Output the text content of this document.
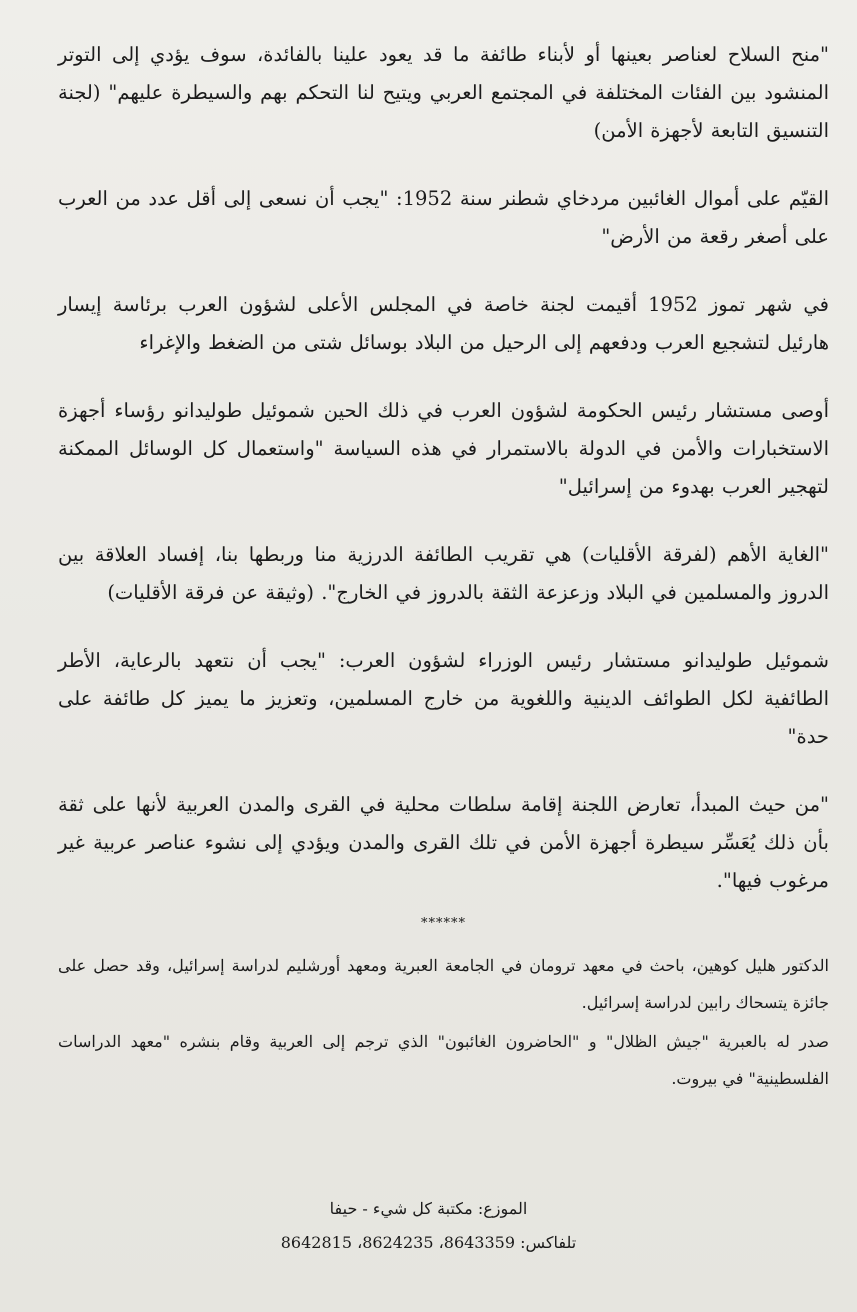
"منح السلاح لعناصر بعينها أو لأبناء طائفة ما قد يعود علينا بالفائدة، سوف يؤدي إلى التوتر المنشود بين الفئات المختلفة في المجتمع العربي ويتيح لنا التحكم بهم والسيطرة عليهم" (لجنة التنسيق التابعة لأجهزة الأمن)

القيّم على أموال الغائبين مردخاي شطنر سنة 1952: "يجب أن نسعى إلى أقل عدد من العرب على أصغر رقعة من الأرض"

في شهر تموز 1952 أقيمت لجنة خاصة في المجلس الأعلى لشؤون العرب برئاسة إيسار هارئيل لتشجيع العرب ودفعهم إلى الرحيل من البلاد بوسائل شتى من الضغط والإغراء

أوصى مستشار رئيس الحكومة لشؤون العرب في ذلك الحين شموئيل طوليدانو رؤساء أجهزة الاستخبارات والأمن في الدولة بالاستمرار في هذه السياسة "واستعمال كل الوسائل الممكنة لتهجير العرب بهدوء من إسرائيل"

"الغاية الأهم (لفرقة الأقليات) هي تقريب الطائفة الدرزية منا وربطها بنا، إفساد العلاقة بين الدروز والمسلمين في البلاد وزعزعة الثقة بالدروز في الخارج". (وثيقة عن فرقة الأقليات)

شموئيل طوليدانو مستشار رئيس الوزراء لشؤون العرب: "يجب أن نتعهد بالرعاية، الأطر الطائفية لكل الطوائف الدينية واللغوية من خارج المسلمين، وتعزيز ما يميز كل طائفة على حدة"

"من حيث المبدأ، تعارض اللجنة إقامة سلطات محلية في القرى والمدن العربية لأنها على ثقة بأن ذلك يُعَسِّر سيطرة أجهزة الأمن في تلك القرى والمدن ويؤدي إلى نشوء عناصر عربية غير مرغوب فيها".

******

الدكتور هليل كوهين، باحث في معهد ترومان في الجامعة العبرية ومعهد أورشليم لدراسة إسرائيل، وقد حصل على جائزة يتسحاك رابين لدراسة إسرائيل.

صدر له بالعبرية "جيش الظلال" و "الحاضرون الغائبون" الذي ترجم إلى العربية وقام بنشره "معهد الدراسات الفلسطينية" في بيروت.

الموزع: مكتبة كل شيء - حيفا
تلفاكس: 8643359، 8624235، 8642815
